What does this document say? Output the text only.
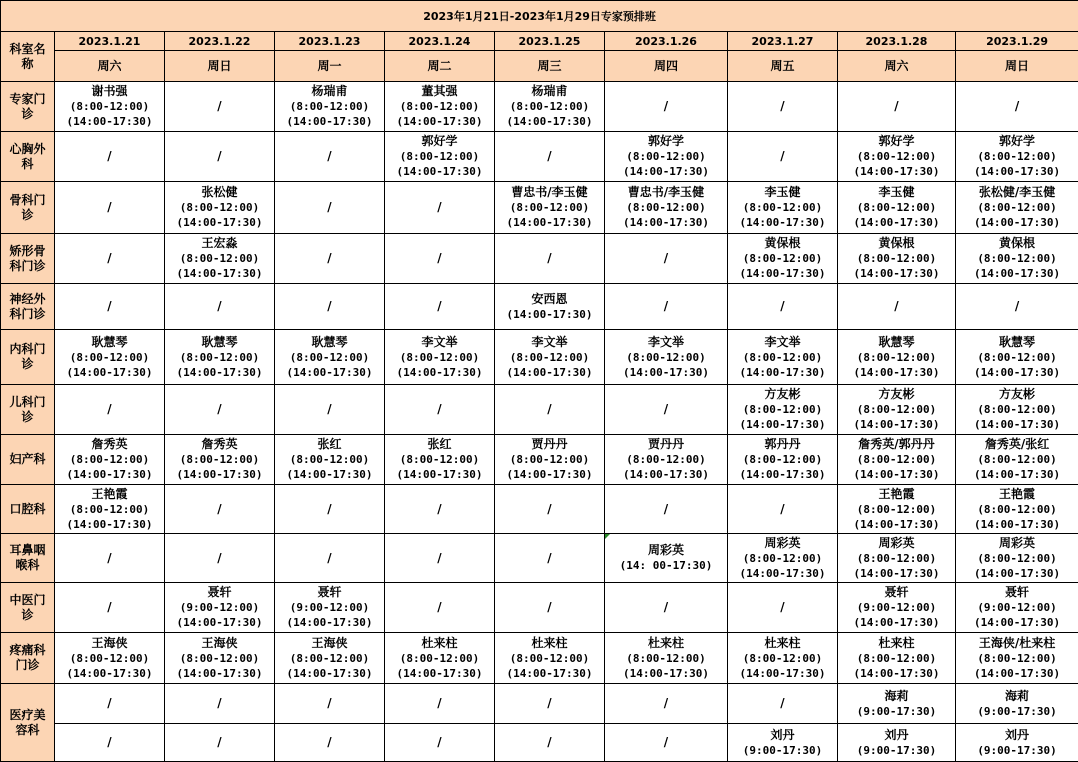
2023年1月21日-2023年1月29日专家预排班									
科室名称	2023.1.21	2023.1.22	2023.1.23	2023.1.24	2023.1.25	2023.1.26	2023.1.27	2023.1.28	2023.1.29
	周六	周日	周一	周二	周三	周四	周五	周六	周日
专家门诊	谢书强
(8:00-12:00)
(14:00-17:30)	/	杨瑞甫
(8:00-12:00)
(14:00-17:30)	董其强
(8:00-12:00)
(14:00-17:30)	杨瑞甫
(8:00-12:00)
(14:00-17:30)	/	/	/	/

心胸外科	/	/	/	郭好学
(8:00-12:00)
(14:00-17:30)	/	郭好学
(8:00-12:00)
(14:00-17:30)	/	郭好学
(8:00-12:00)
(14:00-17:30)	郭好学
(8:00-12:00)
(14:00-17:30)

骨科门诊	/	张松健
(8:00-12:00)
(14:00-17:30)	/	/	曹忠书/李玉健
(8:00-12:00)
(14:00-17:30)	曹忠书/李玉健
(8:00-12:00)
(14:00-17:30)	李玉健
(8:00-12:00)
(14:00-17:30)	李玉健
(8:00-12:00)
(14:00-17:30)	张松健/李玉健
(8:00-12:00)
(14:00-17:30)

矫形骨科门诊	/	王宏淼
(8:00-12:00)
(14:00-17:30)	/	/	/	/	黄保根
(8:00-12:00)
(14:00-17:30)	黄保根
(8:00-12:00)
(14:00-17:30)	黄保根
(8:00-12:00)
(14:00-17:30)

神经外科门诊	/	/	/	/	安西恩
(14:00-17:30)	/	/	/	/

内科门诊	耿慧琴
(8:00-12:00)
(14:00-17:30)	耿慧琴
(8:00-12:00)
(14:00-17:30)	耿慧琴
(8:00-12:00)
(14:00-17:30)	李文举
(8:00-12:00)
(14:00-17:30)	李文举
(8:00-12:00)
(14:00-17:30)	李文举
(8:00-12:00)
(14:00-17:30)	李文举
(8:00-12:00)
(14:00-17:30)	耿慧琴
(8:00-12:00)
(14:00-17:30)	耿慧琴
(8:00-12:00)
(14:00-17:30)

儿科门诊	/	/	/	/	/	/	方友彬
(8:00-12:00)
(14:00-17:30)	方友彬
(8:00-12:00)
(14:00-17:30)	方友彬
(8:00-12:00)
(14:00-17:30)

妇产科	詹秀英
(8:00-12:00)
(14:00-17:30)	詹秀英
(8:00-12:00)
(14:00-17:30)	张红
(8:00-12:00)
(14:00-17:30)	张红
(8:00-12:00)
(14:00-17:30)	贾丹丹
(8:00-12:00)
(14:00-17:30)	贾丹丹
(8:00-12:00)
(14:00-17:30)	郭丹丹
(8:00-12:00)
(14:00-17:30)	詹秀英/郭丹丹
(8:00-12:00)
(14:00-17:30)	詹秀英/张红
(8:00-12:00)
(14:00-17:30)

口腔科	王艳霞
(8:00-12:00)
(14:00-17:30)	/	/	/	/	/	/	王艳霞
(8:00-12:00)
(14:00-17:30)	王艳霞
(8:00-12:00)
(14:00-17:30)

耳鼻咽喉科	/	/	/	/	/	周彩英
(14: 00-17:30)	周彩英
(8:00-12:00)
(14:00-17:30)	周彩英
(8:00-12:00)
(14:00-17:30)	周彩英
(8:00-12:00)
(14:00-17:30)

中医门诊	/	聂轩
(9:00-12:00)
(14:00-17:30)	聂轩
(9:00-12:00)
(14:00-17:30)	/	/	/	/	聂轩
(9:00-12:00)
(14:00-17:30)	聂轩
(9:00-12:00)
(14:00-17:30)

疼痛科门诊	王海侠
(8:00-12:00)
(14:00-17:30)	王海侠
(8:00-12:00)
(14:00-17:30)	王海侠
(8:00-12:00)
(14:00-17:30)	杜来柱
(8:00-12:00)
(14:00-17:30)	杜来柱
(8:00-12:00)
(14:00-17:30)	杜来柱
(8:00-12:00)
(14:00-17:30)	杜来柱
(8:00-12:00)
(14:00-17:30)	杜来柱
(8:00-12:00)
(14:00-17:30)	王海侠/杜来柱
(8:00-12:00)
(14:00-17:30)

医疗美容科	/	/	/	/	/	/	/	海莉
(9:00-17:30)	海莉
(9:00-17:30)

	/	/	/	/	/	/	刘丹
(9:00-17:30)	刘丹
(9:00-17:30)	刘丹
(9:00-17:30)
